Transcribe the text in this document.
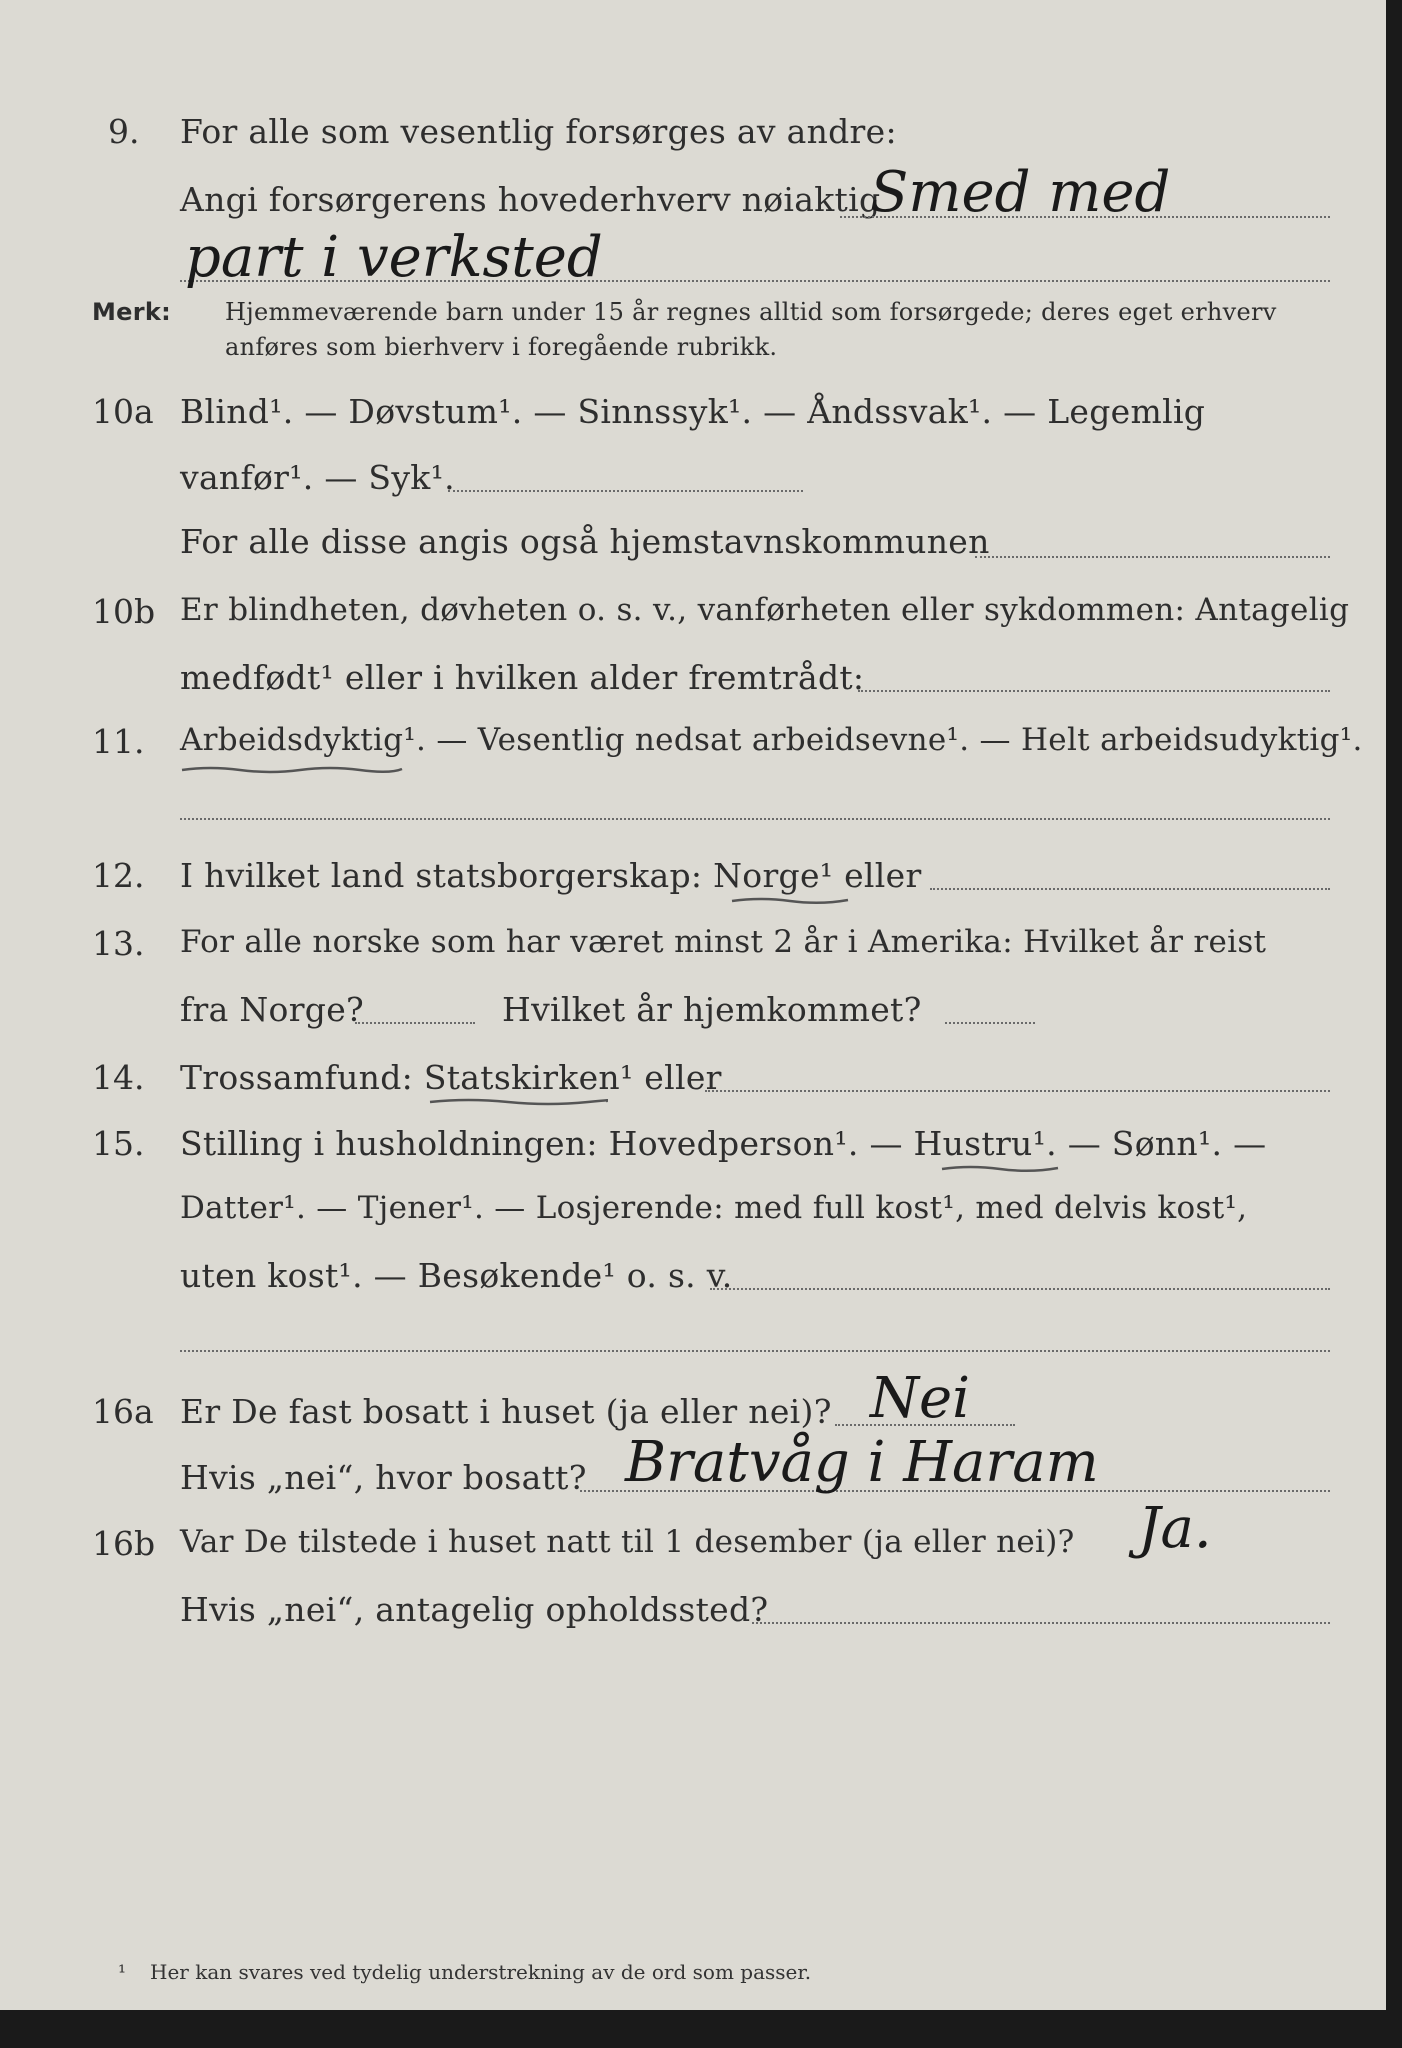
9. For alle som vesentlig forsørges av andre:
Angi forsørgerens hovederhverv nøiaktig
Smed med
part i verksted
Merk: Hjemmeværende barn under 15 år regnes alltid som forsørgede; deres eget erhverv
anføres som bierhverv i foregående rubrikk.
10a Blind¹. — Døvstum¹. — Sinnssyk¹. — Åndssvak¹. — Legemlig
vanfør¹. — Syk¹.
For alle disse angis også hjemstavnskommunen
10b Er blindheten, døvheten o. s. v., vanførheten eller sykdommen: Antagelig
medfødt¹ eller i hvilken alder fremtrådt:
11. Arbeidsdyktig¹. — Vesentlig nedsat arbeidsevne¹. — Helt arbeidsudyktig¹.
12. I hvilket land statsborgerskap: Norge¹ eller
13. For alle norske som har været minst 2 år i Amerika: Hvilket år reist
fra Norge?	Hvilket år hjemkommet?
14. Trossamfund: Statskirken¹ eller
15. Stilling i husholdningen: Hovedperson¹. — Hustru¹. — Sønn¹. —
Datter¹. — Tjener¹. — Losjerende: med full kost¹, med delvis kost¹,
uten kost¹. — Besøkende¹ o. s. v.
16a Er De fast bosatt i huset (ja eller nei)? Nei
Hvis „nei“, hvor bosatt? Bratvåg i Haram
16b Var De tilstede i huset natt til 1 desember (ja eller nei)? Ja.
Hvis „nei“, antagelig opholdssted?
¹ Her kan svares ved tydelig understrekning av de ord som passer.
